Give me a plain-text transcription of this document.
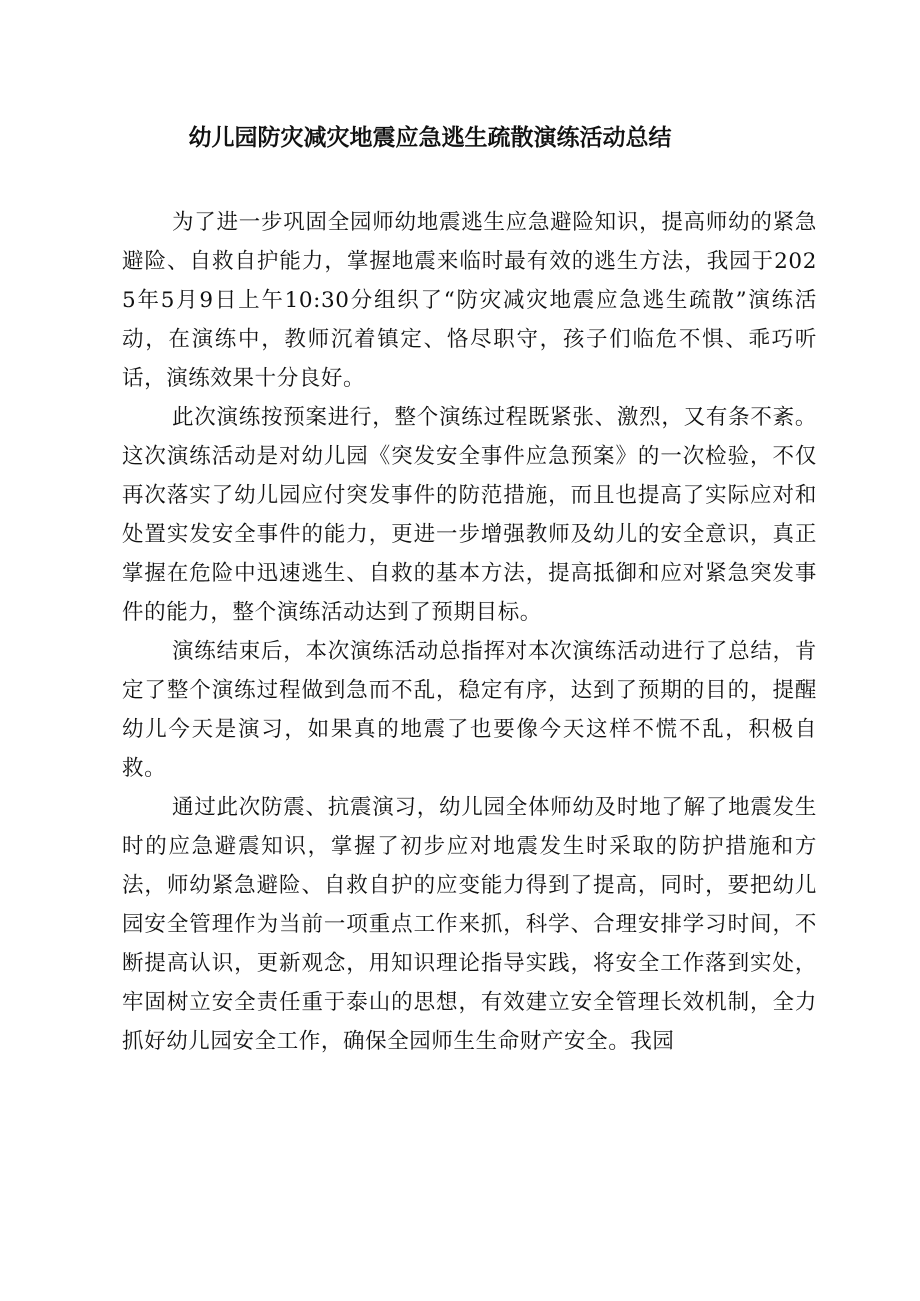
幼儿园防灾减灾地震应急逃生疏散演练活动总结

为了进一步巩固全园师幼地震逃生应急避险知识，提高师幼的紧急避险、自救自护能力，掌握地震来临时最有效的逃生方法，我园于2025年5月9日上午10:30分组织了“防灾减灾地震应急逃生疏散”演练活动，在演练中，教师沉着镇定、恪尽职守，孩子们临危不惧、乖巧听话，演练效果十分良好。

此次演练按预案进行，整个演练过程既紧张、激烈，又有条不紊。这次演练活动是对幼儿园《突发安全事件应急预案》的一次检验，不仅再次落实了幼儿园应付突发事件的防范措施，而且也提高了实际应对和处置实发安全事件的能力，更进一步增强教师及幼儿的安全意识，真正掌握在危险中迅速逃生、自救的基本方法，提高抵御和应对紧急突发事件的能力，整个演练活动达到了预期目标。

演练结束后，本次演练活动总指挥对本次演练活动进行了总结，肯定了整个演练过程做到急而不乱，稳定有序，达到了预期的目的，提醒幼儿今天是演习，如果真的地震了也要像今天这样不慌不乱，积极自救。

通过此次防震、抗震演习，幼儿园全体师幼及时地了解了地震发生时的应急避震知识，掌握了初步应对地震发生时采取的防护措施和方法，师幼紧急避险、自救自护的应变能力得到了提高，同时，要把幼儿园安全管理作为当前一项重点工作来抓，科学、合理安排学习时间，不断提高认识，更新观念，用知识理论指导实践，将安全工作落到实处，牢固树立安全责任重于泰山的思想，有效建立安全管理长效机制，全力抓好幼儿园安全工作，确保全园师生生命财产安全。我园
